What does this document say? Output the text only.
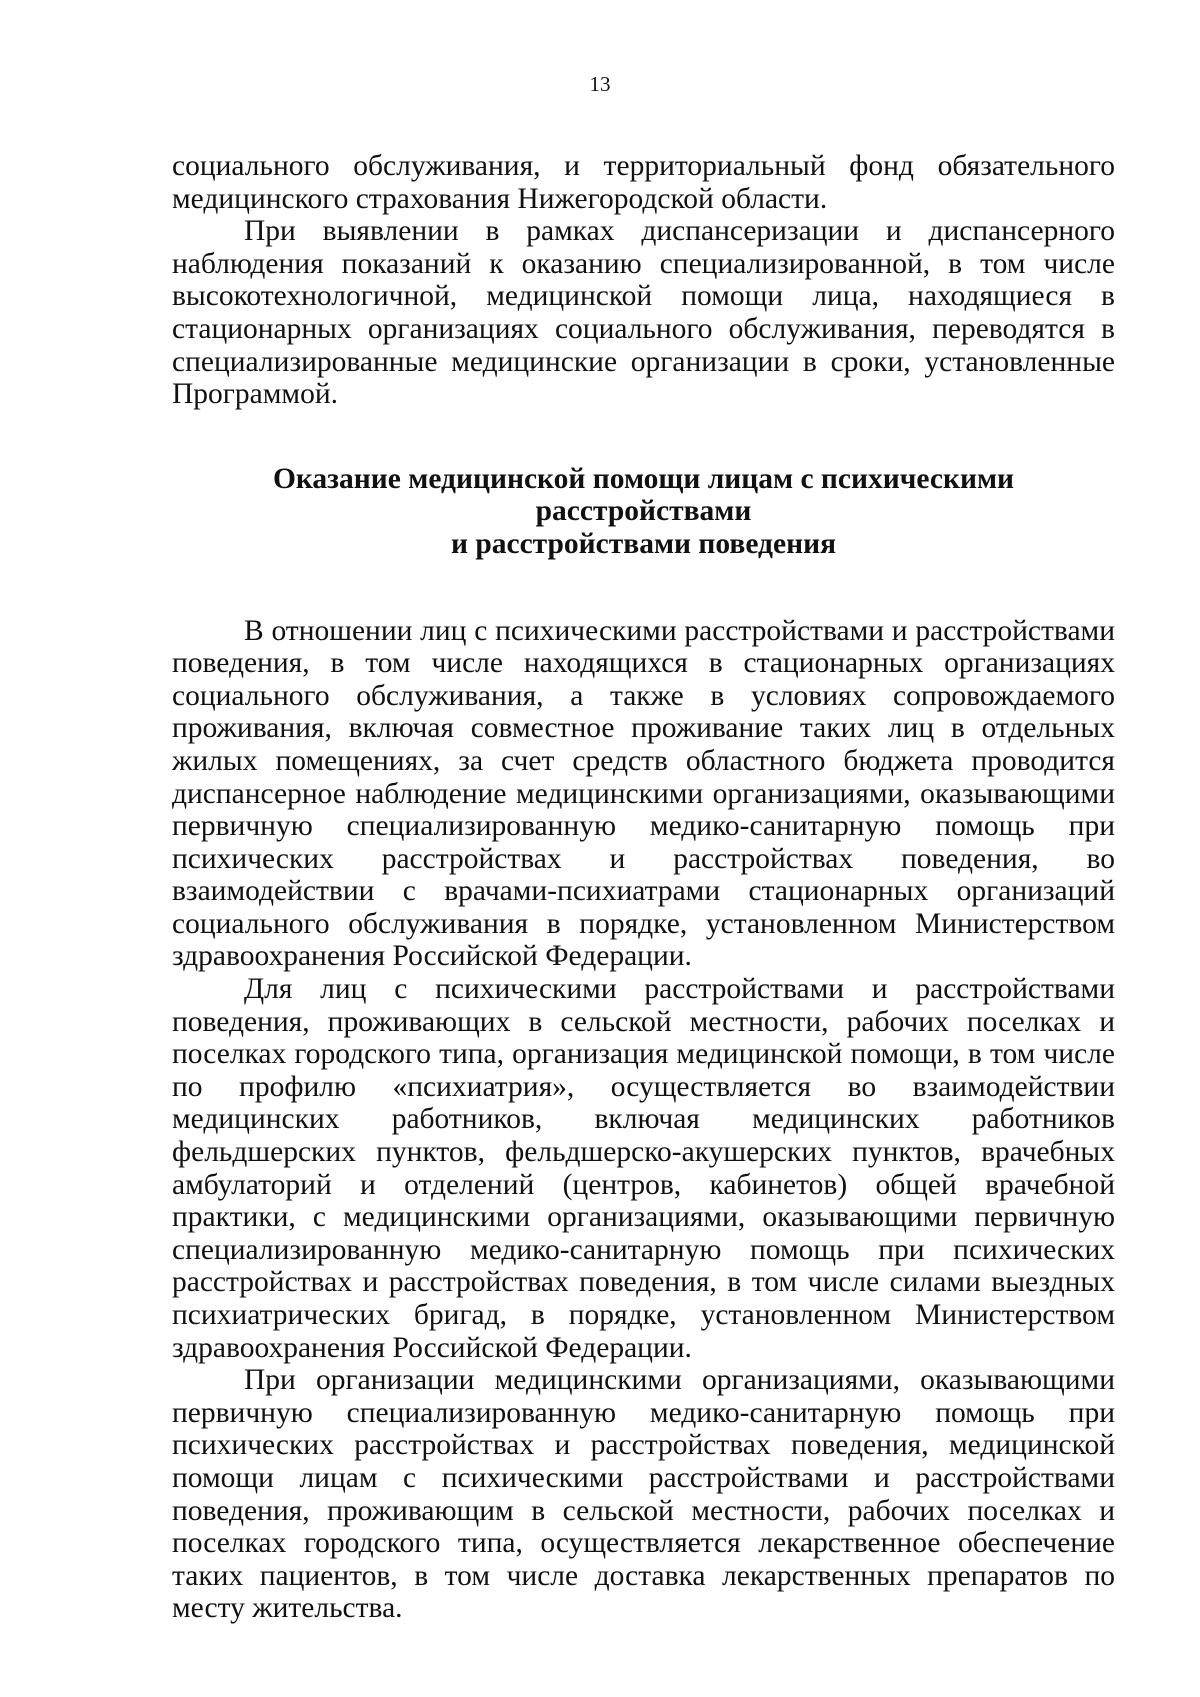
13

социального обслуживания, и территориальный фонд обязательного медицинского страхования Нижегородской области.

При выявлении в рамках диспансеризации и диспансерного наблюдения показаний к оказанию специализированной, в том числе высокотехнологичной, медицинской помощи лица, находящиеся в стационарных организациях социального обслуживания, переводятся в специализированные медицинские организации в сроки, установленные Программой.

Оказание медицинской помощи лицам с психическими расстройствами
и расстройствами поведения

В отношении лиц с психическими расстройствами и расстройствами поведения, в том числе находящихся в стационарных организациях социального обслуживания, а также в условиях сопровождаемого проживания, включая совместное проживание таких лиц в отдельных жилых помещениях, за счет средств областного бюджета проводится диспансерное наблюдение медицинскими организациями, оказывающими первичную специализированную медико-санитарную помощь при психических расстройствах и расстройствах поведения, во взаимодействии с врачами-психиатрами стационарных организаций социального обслуживания в порядке, установленном Министерством здравоохранения Российской Федерации.

Для лиц с психическими расстройствами и расстройствами поведения, проживающих в сельской местности, рабочих поселках и поселках городского типа, организация медицинской помощи, в том числе по профилю «психиатрия», осуществляется во взаимодействии медицинских работников, включая медицинских работников фельдшерских пунктов, фельдшерско-акушерских пунктов, врачебных амбулаторий и отделений (центров, кабинетов) общей врачебной практики, с медицинскими организациями, оказывающими первичную специализированную медико-санитарную помощь при психических расстройствах и расстройствах поведения, в том числе силами выездных психиатрических бригад, в порядке, установленном Министерством здравоохранения Российской Федерации.

При организации медицинскими организациями, оказывающими первичную специализированную медико-санитарную помощь при психических расстройствах и расстройствах поведения, медицинской помощи лицам с психическими расстройствами и расстройствами поведения, проживающим в сельской местности, рабочих поселках и поселках городского типа, осуществляется лекарственное обеспечение таких пациентов, в том числе доставка лекарственных препаратов по месту жительства.
